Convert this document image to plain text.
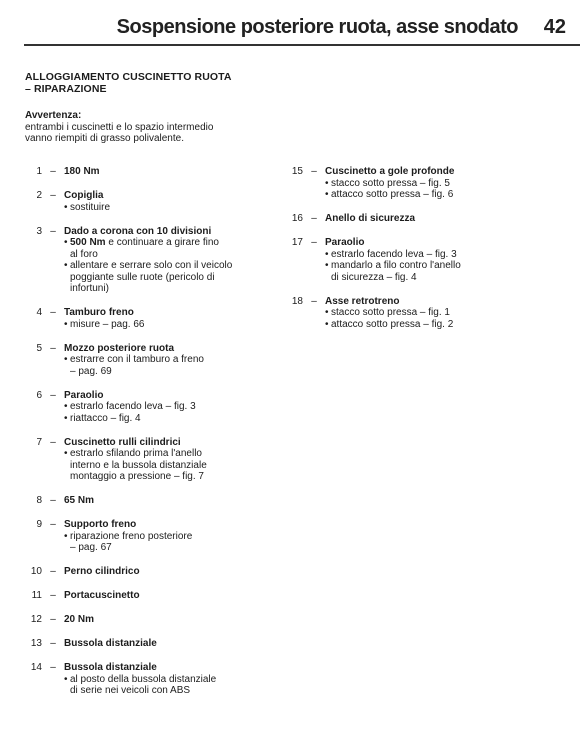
Sospensione posteriore ruota, asse snodato 42
ALLOGGIAMENTO CUSCINETTO RUOTA
– RIPARAZIONE
Avvertenza:
entrambi i cuscinetti e lo spazio intermedio
vanno riempiti di grasso polivalente.
1 – 180 Nm
2 – Copiglia
• sostituire
3 – Dado a corona con 10 divisioni
• 500 Nm e continuare a girare fino
al foro
• allentare e serrare solo con il veicolo
poggiante sulle ruote (pericolo di
infortuni)
4 – Tamburo freno
• misure – pag. 66
5 – Mozzo posteriore ruota
• estrarre con il tamburo a freno
– pag. 69
6 – Paraolio
• estrarlo facendo leva – fig. 3
• riattacco – fig. 4
7 – Cuscinetto rulli cilindrici
• estrarlo sfilando prima l'anello
interno e la bussola distanziale
montaggio a pressione – fig. 7
8 – 65 Nm
9 – Supporto freno
• riparazione freno posteriore
– pag. 67
10 – Perno cilindrico
11 – Portacuscinetto
12 – 20 Nm
13 – Bussola distanziale
14 – Bussola distanziale
• al posto della bussola distanziale
di serie nei veicoli con ABS
15 – Cuscinetto a gole profonde
• stacco sotto pressa – fig. 5
• attacco sotto pressa – fig. 6
16 – Anello di sicurezza
17 – Paraolio
• estrarlo facendo leva – fig. 3
• mandarlo a filo contro l'anello
di sicurezza – fig. 4
18 – Asse retrotreno
• stacco sotto pressa – fig. 1
• attacco sotto pressa – fig. 2
